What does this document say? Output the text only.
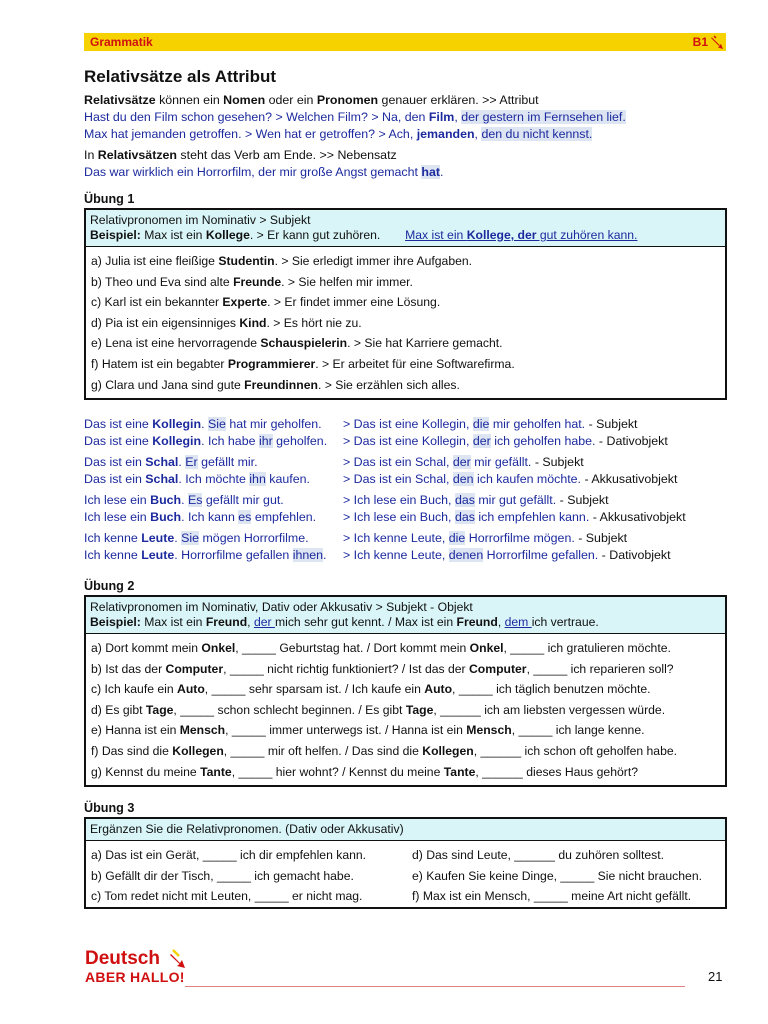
Grammatik	B1
Relativsätze als Attribut
Relativsätze können ein Nomen oder ein Pronomen genauer erklären. >> Attribut
Hast du den Film schon gesehen? > Welchen Film? > Na, den Film, der gestern im Fernsehen lief.
Max hat jemanden getroffen. > Wen hat er getroffen? > Ach, jemanden, den du nicht kennst.
In Relativsätzen steht das Verb am Ende. >> Nebensatz
Das war wirklich ein Horrorfilm, der mir große Angst gemacht hat.
Übung 1
Relativpronomen im Nominativ > Subjekt
Beispiel: Max ist ein Kollege. > Er kann gut zuhören. Max ist ein Kollege, der gut zuhören kann.
a) Julia ist eine fleißige Studentin. > Sie erledigt immer ihre Aufgaben.
b) Theo und Eva sind alte Freunde. > Sie helfen mir immer.
c) Karl ist ein bekannter Experte. > Er findet immer eine Lösung.
d) Pia ist ein eigensinniges Kind. > Es hört nie zu.
e) Lena ist eine hervorragende Schauspielerin. > Sie hat Karriere gemacht.
f) Hatem ist ein begabter Programmierer. > Er arbeitet für eine Softwarefirma.
g) Clara und Jana sind gute Freundinnen. > Sie erzählen sich alles.
Das ist eine Kollegin. Sie hat mir geholfen. > Das ist eine Kollegin, die mir geholfen hat. - Subjekt
Das ist eine Kollegin. Ich habe ihr geholfen. > Das ist eine Kollegin, der ich geholfen habe. - Dativobjekt
Das ist ein Schal. Er gefällt mir.	> Das ist ein Schal, der mir gefällt. - Subjekt
Das ist ein Schal. Ich möchte ihn kaufen.	> Das ist ein Schal, den ich kaufen möchte. - Akkusativobjekt
Ich lese ein Buch. Es gefällt mir gut.	> Ich lese ein Buch, das mir gut gefällt. - Subjekt
Ich lese ein Buch. Ich kann es empfehlen. > Ich lese ein Buch, das ich empfehlen kann. - Akkusativobjekt
Ich kenne Leute. Sie mögen Horrorfilme.	> Ich kenne Leute, die Horrorfilme mögen. - Subjekt
Ich kenne Leute. Horrorfilme gefallen ihnen. > Ich kenne Leute, denen Horrorfilme gefallen. - Dativobjekt
Übung 2
Relativpronomen im Nominativ, Dativ oder Akkusativ > Subjekt - Objekt
Beispiel: Max ist ein Freund, der mich sehr gut kennt. / Max ist ein Freund, dem ich vertraue.
a) Dort kommt mein Onkel, _____ Geburtstag hat. / Dort kommt mein Onkel, _____ ich gratulieren möchte.
b) Ist das der Computer, _____ nicht richtig funktioniert? / Ist das der Computer, _____ ich reparieren soll?
c) Ich kaufe ein Auto, _____ sehr sparsam ist. / Ich kaufe ein Auto, _____ ich täglich benutzen möchte.
d) Es gibt Tage, _____ schon schlecht beginnen. / Es gibt Tage, ______ ich am liebsten vergessen würde.
e) Hanna ist ein Mensch, _____ immer unterwegs ist. / Hanna ist ein Mensch, _____ ich lange kenne.
f) Das sind die Kollegen, _____ mir oft helfen. / Das sind die Kollegen, ______ ich schon oft geholfen habe.
g) Kennst du meine Tante, _____ hier wohnt? / Kennst du meine Tante, ______ dieses Haus gehört?
Übung 3
Ergänzen Sie die Relativpronomen. (Dativ oder Akkusativ)
a) Das ist ein Gerät, _____ ich dir empfehlen kann.	d) Das sind Leute, ______ du zuhören solltest.
b) Gefällt dir der Tisch, _____ ich gemacht habe.	e) Kaufen Sie keine Dinge, _____ Sie nicht brauchen.
c) Tom redet nicht mit Leuten, _____ er nicht mag.	f) Max ist ein Mensch, _____ meine Art nicht gefällt.
Deutsch
ABER HALLO!	21
